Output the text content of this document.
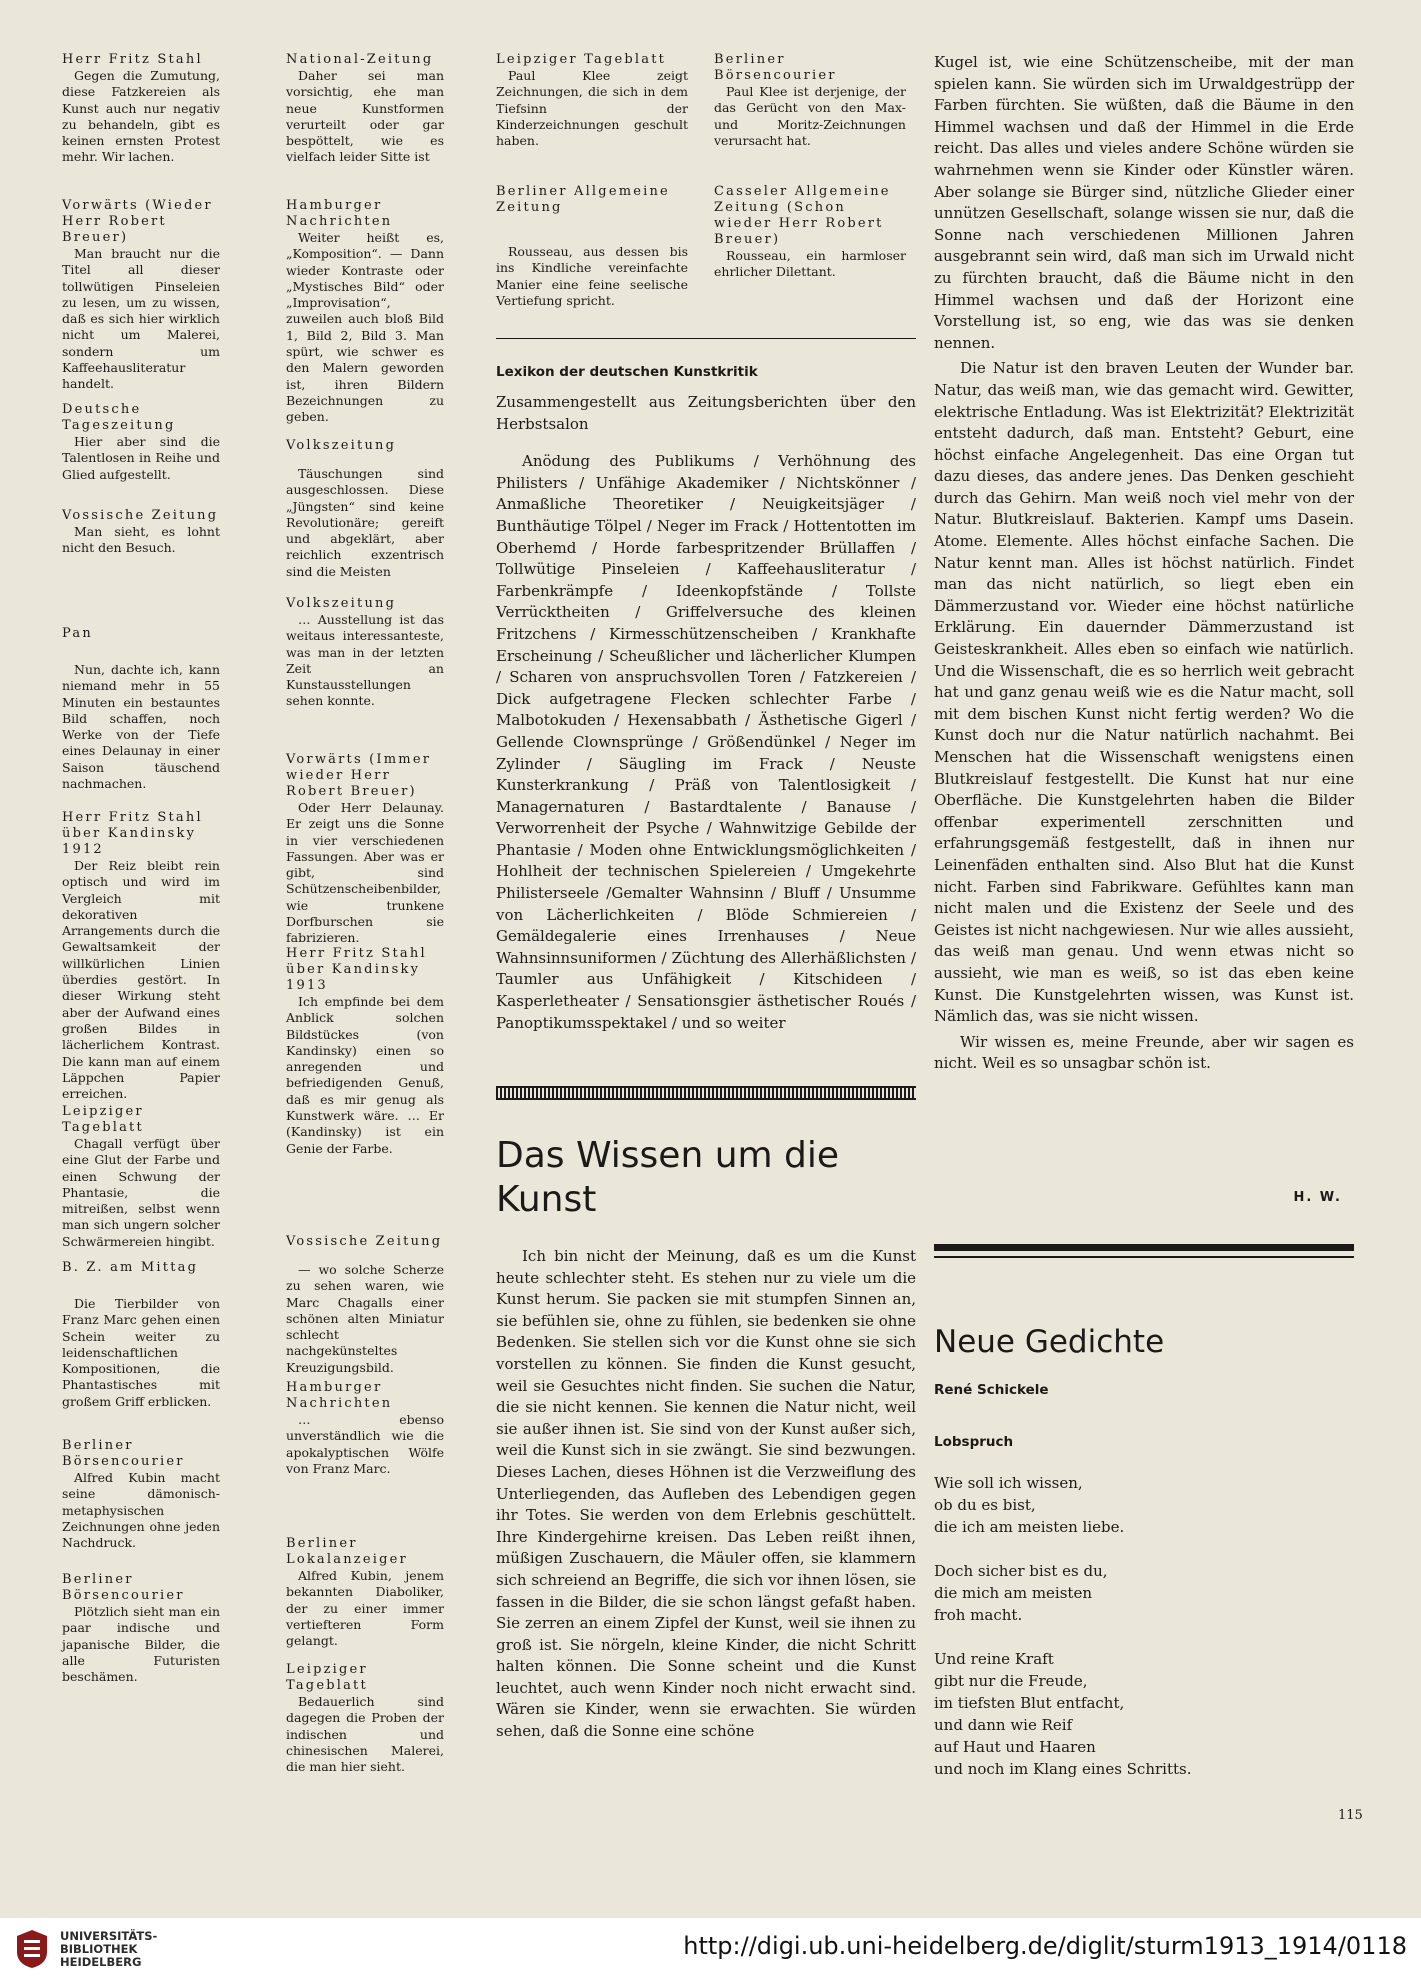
Herr Fritz Stahl

Gegen die Zumutung, diese Fatzkereien als Kunst auch nur negativ zu behandeln, gibt es keinen ernsten Protest mehr. Wir lachen.

Vorwärts (Wieder Herr Robert Breuer)

Man braucht nur die Titel all dieser tollwütigen Pinseleien zu lesen, um zu wissen, daß es sich hier wirklich nicht um Malerei, sondern um Kaffeehausliteratur handelt.

Deutsche Tageszeitung

Hier aber sind die Talentlosen in Reihe und Glied aufgestellt.

Vossische Zeitung

Man sieht, es lohnt nicht den Besuch.

Pan

Nun, dachte ich, kann niemand mehr in 55 Minuten ein bestauntes Bild schaffen, noch Werke von der Tiefe eines Delaunay in einer Saison täuschend nachmachen.

Herr Fritz Stahl über Kandinsky 1912

Der Reiz bleibt rein optisch und wird im Vergleich mit dekorativen Arrangements durch die Gewaltsamkeit der willkürlichen Linien überdies gestört. In dieser Wirkung steht aber der Aufwand eines großen Bildes in lächerlichem Kontrast. Die kann man auf einem Läppchen Papier erreichen.

Leipziger Tageblatt

Chagall verfügt über eine Glut der Farbe und einen Schwung der Phantasie, die mitreißen, selbst wenn man sich ungern solcher Schwärmereien hingibt.

B. Z. am Mittag

Die Tierbilder von Franz Marc gehen einen Schein weiter zu leidenschaftlichen Kompositionen, die Phantastisches mit großem Griff erblicken.

Berliner Börsencourier

Alfred Kubin macht seine dämonisch-metaphysischen Zeichnungen ohne jeden Nachdruck.

Berliner Börsencourier

Plötzlich sieht man ein paar indische und japanische Bilder, die alle Futuristen beschämen.

National-Zeitung

Daher sei man vorsichtig, ehe man neue Kunstformen verurteilt oder gar bespöttelt, wie es vielfach leider Sitte ist

Hamburger Nachrichten

Weiter heißt es, „Komposition“. — Dann wieder Kontraste oder „Mystisches Bild“ oder „Improvisation“, zuweilen auch bloß Bild 1, Bild 2, Bild 3. Man spürt, wie schwer es den Malern geworden ist, ihren Bildern Bezeichnungen zu geben.

Volkszeitung

Täuschungen sind ausgeschlossen. Diese „Jüngsten“ sind keine Revolutionäre; gereift und abgeklärt, aber reichlich exzentrisch sind die Meisten

Volkszeitung

… Ausstellung ist das weitaus interessanteste, was man in der letzten Zeit an Kunstausstellungen sehen konnte.

Vorwärts (Immer wieder Herr Robert Breuer)

Oder Herr Delaunay. Er zeigt uns die Sonne in vier verschiedenen Fassungen. Aber was er gibt, sind Schützenscheibenbilder, wie trunkene Dorfburschen sie fabrizieren.

Herr Fritz Stahl über Kandinsky 1913

Ich empfinde bei dem Anblick solchen Bildstückes (von Kandinsky) einen so anregenden und befriedigenden Genuß, daß es mir genug als Kunstwerk wäre. … Er (Kandinsky) ist ein Genie der Farbe.

Vossische Zeitung

— wo solche Scherze zu sehen waren, wie Marc Chagalls einer schönen alten Miniatur schlecht nachgekünsteltes Kreuzigungsbild.

Hamburger Nachrichten

… ebenso unverständlich wie die apokalyptischen Wölfe von Franz Marc.

Berliner Lokalanzeiger

Alfred Kubin, jenem bekannten Diaboliker, der zu einer immer vertiefteren Form gelangt.

Leipziger Tageblatt

Bedauerlich sind dagegen die Proben der indischen und chinesischen Malerei, die man hier sieht.

Leipziger Tageblatt

Paul Klee zeigt Zeichnungen, die sich in dem Tiefsinn der Kinderzeichnungen geschult haben.

Berliner Allgemeine Zeitung

Rousseau, aus dessen bis ins Kindliche vereinfachte Manier eine feine seelische Vertiefung spricht.

Berliner Börsencourier

Paul Klee ist derjenige, der das Gerücht von den Max- und Moritz-Zeichnungen verursacht hat.

Casseler Allgemeine Zeitung (Schon wieder Herr Robert Breuer)

Rousseau, ein harmloser ehrlicher Dilettant.

Lexikon der deutschen Kunstkritik

Zusammengestellt aus Zeitungsberichten über den Herbstsalon

Anödung des Publikums / Verhöhnung des Philisters / Unfähige Akademiker / Nichtskönner / Anmaßliche Theoretiker / Neuigkeitsjäger / Bunthäutige Tölpel / Neger im Frack / Hottentotten im Oberhemd / Horde farbespritzender Brüllaffen / Tollwütige Pinseleien / Kaffeehausliteratur / Farbenkrämpfe / Ideenkopfstände / Tollste Verrücktheiten / Griffelversuche des kleinen Fritzchens / Kirmesschützenscheiben / Krankhafte Erscheinung / Scheußlicher und lächerlicher Klumpen / Scharen von anspruchsvollen Toren / Fatzkereien / Dick aufgetragene Flecken schlechter Farbe / Malbotokuden / Hexensabbath / Ästhetische Gigerl / Gellende Clownsprünge / Größendünkel / Neger im Zylinder / Säugling im Frack / Neuste Kunsterkrankung / Präß von Talentlosigkeit / Managernaturen / Bastardtalente / Banause / Verworrenheit der Psyche / Wahnwitzige Gebilde der Phantasie / Moden ohne Entwicklungsmöglichkeiten / Hohlheit der technischen Spielereien / Umgekehrte Philisterseele /Gemalter Wahnsinn / Bluff / Unsumme von Lächerlichkeiten / Blöde Schmiereien / Gemäldegalerie eines Irrenhauses / Neue Wahnsinnsuniformen / Züchtung des Allerhäßlichsten / Taumler aus Unfähigkeit / Kitschideen / Kasperletheater / Sensationsgier ästhetischer Roués / Panoptikumsspektakel / und so weiter

Das Wissen um die Kunst

Ich bin nicht der Meinung, daß es um die Kunst heute schlechter steht. Es stehen nur zu viele um die Kunst herum. Sie packen sie mit stumpfen Sinnen an, sie befühlen sie, ohne zu fühlen, sie bedenken sie ohne Bedenken. Sie stellen sich vor die Kunst ohne sie sich vorstellen zu können. Sie finden die Kunst gesucht, weil sie Gesuchtes nicht finden. Sie suchen die Natur, die sie nicht kennen. Sie kennen die Natur nicht, weil sie außer ihnen ist. Sie sind von der Kunst außer sich, weil die Kunst sich in sie zwängt. Sie sind bezwungen. Dieses Lachen, dieses Höhnen ist die Verzweiflung des Unterliegenden, das Aufleben des Lebendigen gegen ihr Totes. Sie werden von dem Erlebnis geschüttelt. Ihre Kindergehirne kreisen. Das Leben reißt ihnen, müßigen Zuschauern, die Mäuler offen, sie klammern sich schreiend an Begriffe, die sich vor ihnen lösen, sie fassen in die Bilder, die sie schon längst gefaßt haben. Sie zerren an einem Zipfel der Kunst, weil sie ihnen zu groß ist. Sie nörgeln, kleine Kinder, die nicht Schritt halten können. Die Sonne scheint und die Kunst leuchtet, auch wenn Kinder noch nicht erwacht sind. Wären sie Kinder, wenn sie erwachten. Sie würden sehen, daß die Sonne eine schöne

Kugel ist, wie eine Schützenscheibe, mit der man spielen kann. Sie würden sich im Urwaldgestrüpp der Farben fürchten. Sie wüßten, daß die Bäume in den Himmel wachsen und daß der Himmel in die Erde reicht. Das alles und vieles andere Schöne würden sie wahrnehmen wenn sie Kinder oder Künstler wären. Aber solange sie Bürger sind, nützliche Glieder einer unnützen Gesellschaft, solange wissen sie nur, daß die Sonne nach verschiedenen Millionen Jahren ausgebrannt sein wird, daß man sich im Urwald nicht zu fürchten braucht, daß die Bäume nicht in den Himmel wachsen und daß der Horizont eine Vorstellung ist, so eng, wie das was sie denken nennen.

Die Natur ist den braven Leuten der Wunder bar. Natur, das weiß man, wie das gemacht wird. Gewitter, elektrische Entladung. Was ist Elektrizität? Elektrizität entsteht dadurch, daß man. Entsteht? Geburt, eine höchst einfache Angelegenheit. Das eine Organ tut dazu dieses, das andere jenes. Das Denken geschieht durch das Gehirn. Man weiß noch viel mehr von der Natur. Blutkreislauf. Bakterien. Kampf ums Dasein. Atome. Elemente. Alles höchst einfache Sachen. Die Natur kennt man. Alles ist höchst natürlich. Findet man das nicht natürlich, so liegt eben ein Dämmerzustand vor. Wieder eine höchst natürliche Erklärung. Ein dauernder Dämmerzustand ist Geisteskrankheit. Alles eben so einfach wie natürlich. Und die Wissenschaft, die es so herrlich weit gebracht hat und ganz genau weiß wie es die Natur macht, soll mit dem bischen Kunst nicht fertig werden? Wo die Kunst doch nur die Natur natürlich nachahmt. Bei Menschen hat die Wissenschaft wenigstens einen Blutkreislauf festgestellt. Die Kunst hat nur eine Oberfläche. Die Kunstgelehrten haben die Bilder offenbar experimentell zerschnitten und erfahrungsgemäß festgestellt, daß in ihnen nur Leinenfäden enthalten sind. Also Blut hat die Kunst nicht. Farben sind Fabrikware. Gefühltes kann man nicht malen und die Existenz der Seele und des Geistes ist nicht nachgewiesen. Nur wie alles aussieht, das weiß man genau. Und wenn etwas nicht so aussieht, wie man es weiß, so ist das eben keine Kunst. Die Kunstgelehrten wissen, was Kunst ist. Nämlich das, was sie nicht wissen.

Wir wissen es, meine Freunde, aber wir sagen es nicht. Weil es so unsagbar schön ist.

H. W.
Neue Gedichte

René Schickele

Lobspruch

Wie soll ich wissen,
ob du es bist,
die ich am meisten liebe.

Doch sicher bist es du,
die mich am meisten
froh macht.

Und reine Kraft
gibt nur die Freude,
im tiefsten Blut entfacht,
und dann wie Reif
auf Haut und Haaren
und noch im Klang eines Schritts.

115
UNIVERSITÄTS-
BIBLIOTHEK
HEIDELBERG
http://digi.ub.uni-heidelberg.de/diglit/sturm1913_1914/0118
